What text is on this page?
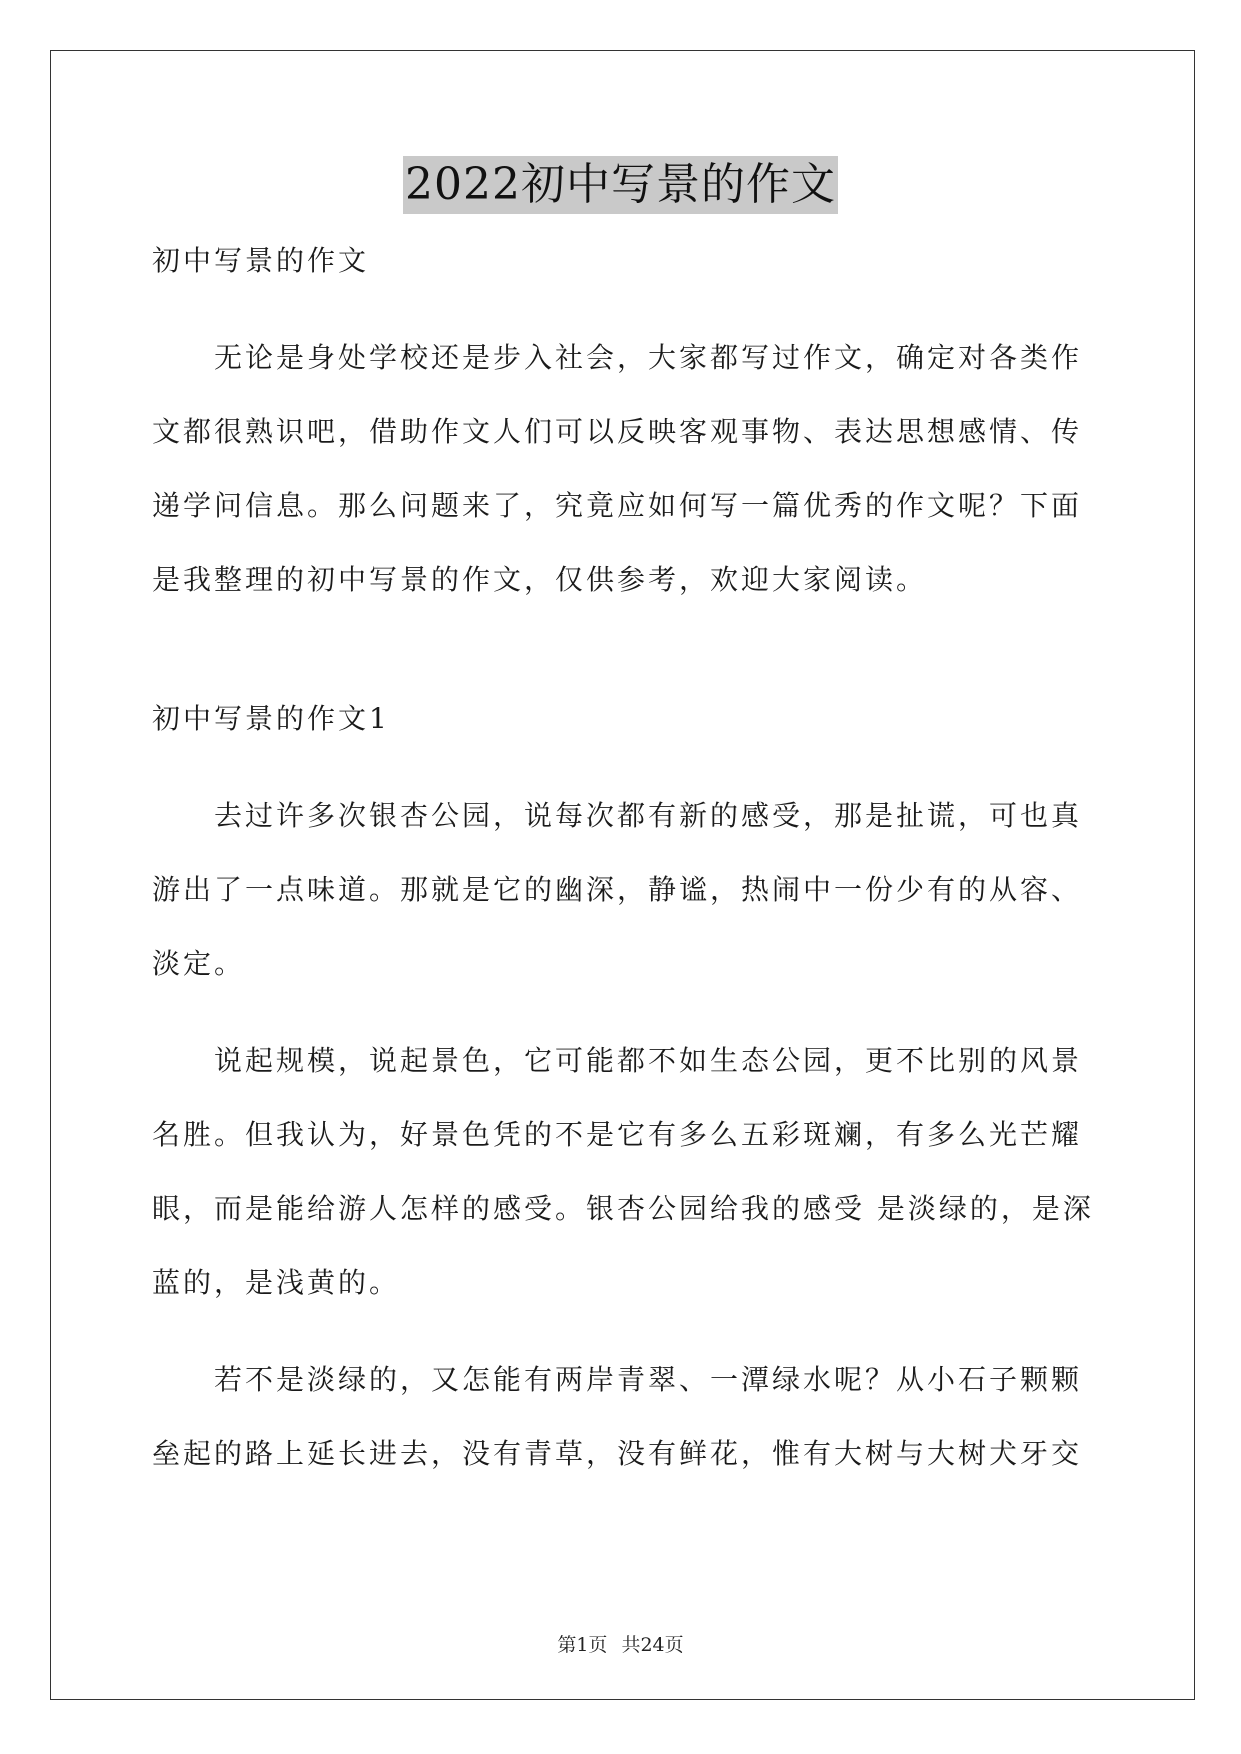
2022初中写景的作文
初中写景的作文
无论是身处学校还是步入社会，大家都写过作文，确定对各类作
文都很熟识吧，借助作文人们可以反映客观事物、表达思想感情、传
递学问信息。那么问题来了，究竟应如何写一篇优秀的作文呢？下面
是我整理的初中写景的作文，仅供参考，欢迎大家阅读。
初中写景的作文1
去过许多次银杏公园，说每次都有新的感受，那是扯谎，可也真
游出了一点味道。那就是它的幽深，静谧，热闹中一份少有的从容、
淡定。
说起规模，说起景色，它可能都不如生态公园，更不比别的风景
名胜。但我认为，好景色凭的不是它有多么五彩斑斓，有多么光芒耀
眼，而是能给游人怎样的感受。银杏公园给我的感受 是淡绿的，是深
蓝的，是浅黄的。
若不是淡绿的，又怎能有两岸青翠、一潭绿水呢？从小石子颗颗
垒起的路上延长进去，没有青草，没有鲜花，惟有大树与大树犬牙交
第1页 共24页
